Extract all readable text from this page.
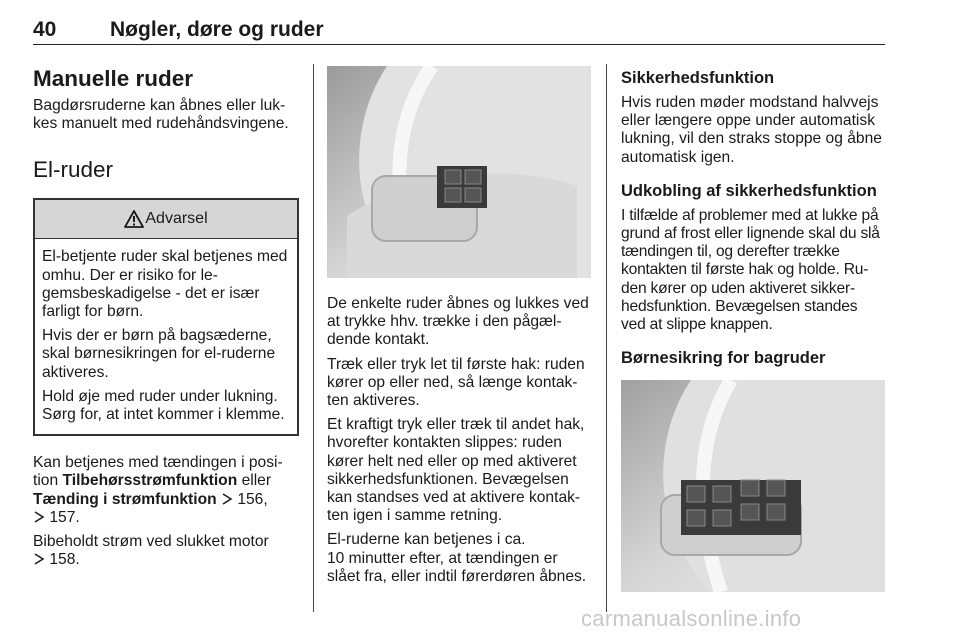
40	Nøgler, døre og ruder
Manuelle ruder

Bagdørsruderne kan åbnes eller luk-kes manuelt med rudehåndsvingene.

El-ruder
Advarsel

El-betjente ruder skal betjenes med omhu. Der er risiko for le-gemsbeskadigelse - det er især farligt for børn.

Hvis der er børn på bagsæderne, skal børnesikringen for el-ruderne aktiveres.

Hold øje med ruder under lukning. Sørg for, at intet kommer i klemme.

Kan betjenes med tændingen i posi-tion Tilbehørsstrømfunktion eller Tænding i strømfunktion 156,
157.

Bibeholdt strøm ved slukket motor
158.

De enkelte ruder åbnes og lukkes ved at trykke hhv. trække i den pågæl-dende kontakt.

Træk eller tryk let til første hak: ruden kører op eller ned, så længe kontak-ten aktiveres.

Et kraftigt tryk eller træk til andet hak, hvorefter kontakten slippes: ruden kører helt ned eller op med aktiveret sikkerhedsfunktionen. Bevægelsen kan standses ved at aktivere kontak-ten igen i samme retning.

El-ruderne kan betjenes i ca.
10 minutter efter, at tændingen er slået fra, eller indtil førerdøren åbnes.

Sikkerhedsfunktion

Hvis ruden møder modstand halvvejs eller længere oppe under automatisk lukning, vil den straks stoppe og åbne automatisk igen.

Udkobling af sikkerhedsfunktion

I tilfælde af problemer med at lukke på grund af frost eller lignende skal du slå tændingen til, og derefter trække kontakten til første hak og holde. Ru-den kører op uden aktiveret sikker-hedsfunktion. Bevægelsen standes ved at slippe knappen.

Børnesikring for bagruder
carmanualsonline.info
